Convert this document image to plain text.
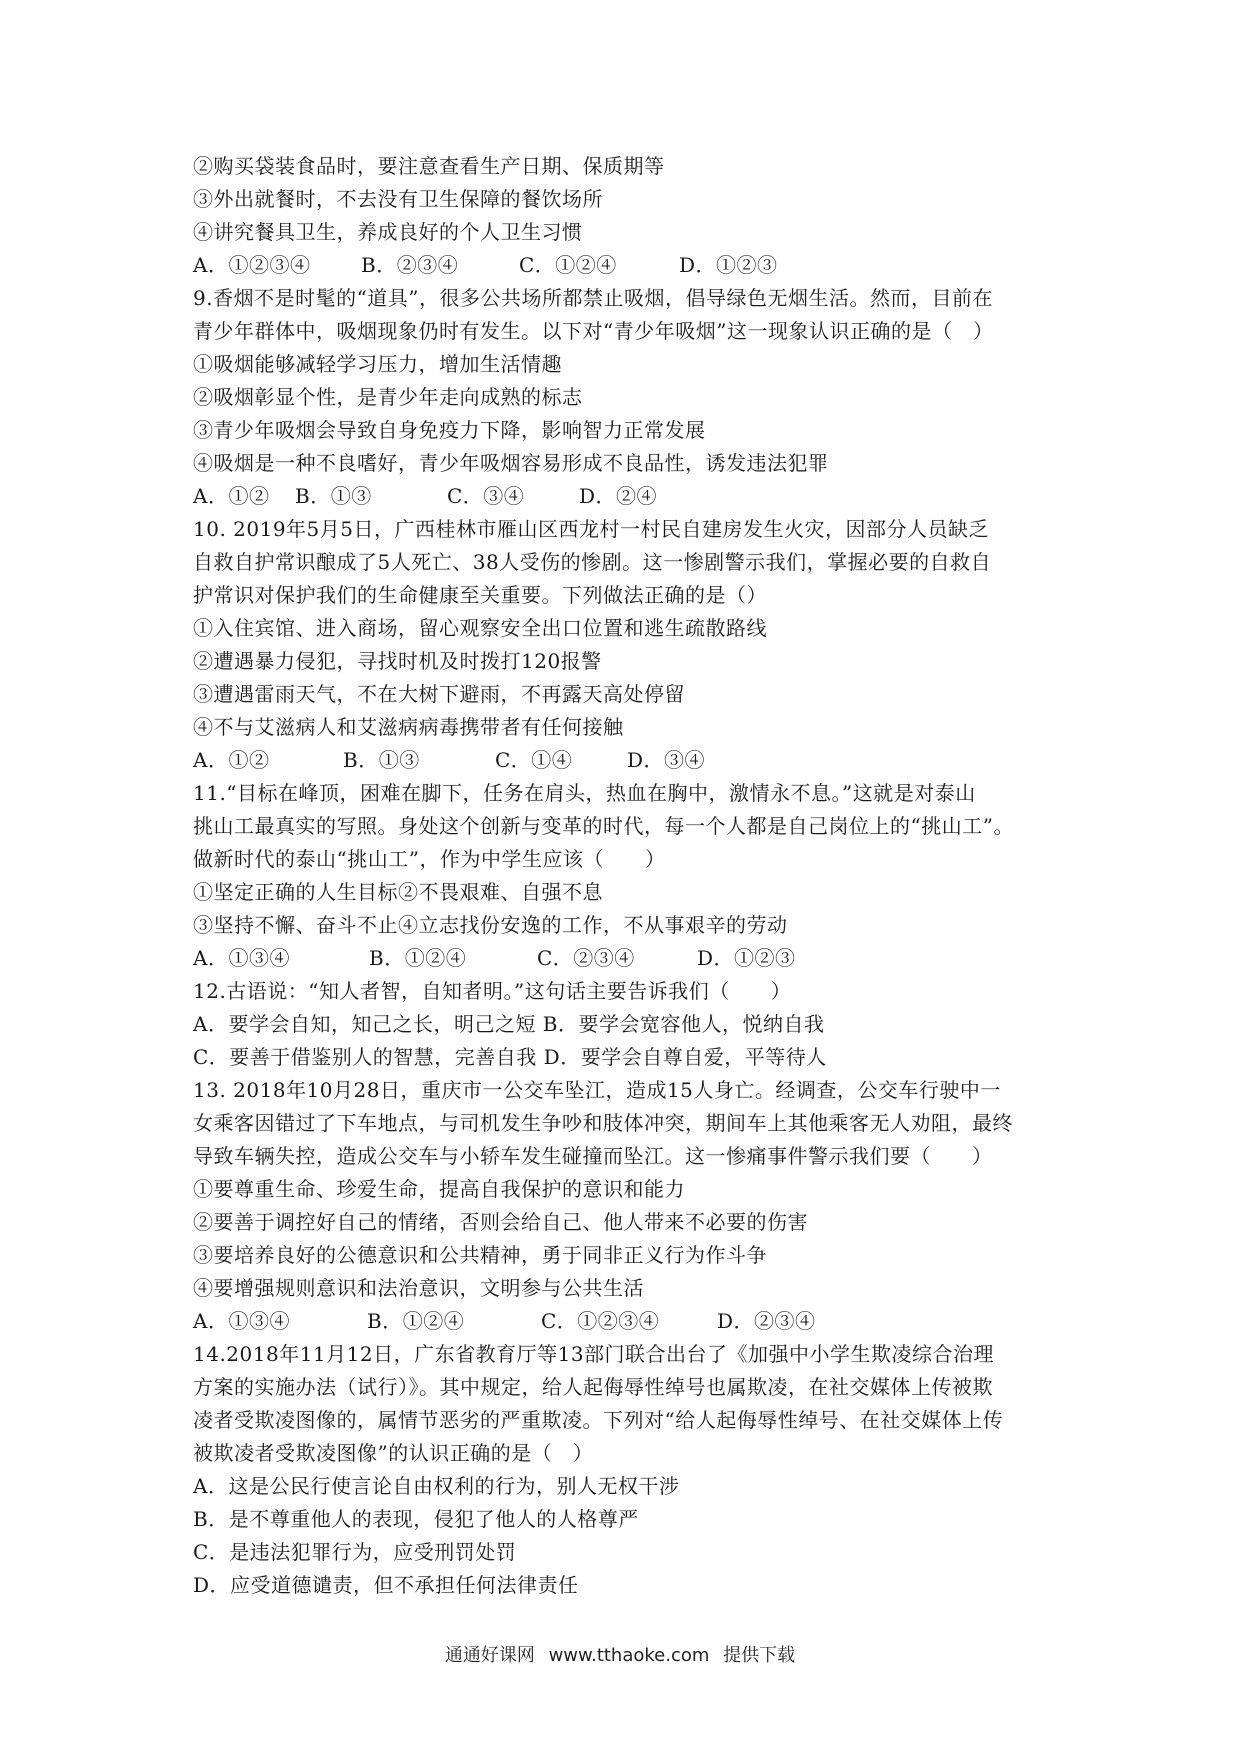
②购买袋装食品时，要注意查看生产日期、保质期等
③外出就餐时，不去没有卫生保障的餐饮场所
④讲究餐具卫生，养成良好的个人卫生习惯
A．①②③④	B．②③④	C．①②④	D．①②③
9.香烟不是时髦的“道具”，很多公共场所都禁止吸烟，倡导绿色无烟生活。然而，目前在
青少年群体中，吸烟现象仍时有发生。以下对“青少年吸烟”这一现象认识正确的是（　）
①吸烟能够减轻学习压力，增加生活情趣
②吸烟彰显个性，是青少年走向成熟的标志
③青少年吸烟会导致自身免疫力下降，影响智力正常发展
④吸烟是一种不良嗜好，青少年吸烟容易形成不良品性，诱发违法犯罪
A．①②	B．①③	C．③④	D．②④
10. 2019年5月5日，广西桂林市雁山区西龙村一村民自建房发生火灾，因部分人员缺乏
自救自护常识酿成了5人死亡、38人受伤的惨剧。这一惨剧警示我们，掌握必要的自救自
护常识对保护我们的生命健康至关重要。下列做法正确的是（）
①入住宾馆、进入商场，留心观察安全出口位置和逃生疏散路线
②遭遇暴力侵犯，寻找时机及时拨打120报警
③遭遇雷雨天气，不在大树下避雨，不再露天高处停留
④不与艾滋病人和艾滋病病毒携带者有任何接触
A．①②	B．①③	C．①④	D．③④
11.“目标在峰顶，困难在脚下，任务在肩头，热血在胸中，激情永不息。”这就是对泰山
挑山工最真实的写照。身处这个创新与变革的时代，每一个人都是自己岗位上的“挑山工”。
做新时代的泰山“挑山工”，作为中学生应该（　　）
①坚定正确的人生目标②不畏艰难、自强不息
③坚持不懈、奋斗不止④立志找份安逸的工作，不从事艰辛的劳动
A．①③④	B．①②④	C．②③④	D．①②③
12.古语说：“知人者智，自知者明。”这句话主要告诉我们（　　）
A．要学会自知，知己之长，明己之短 B．要学会宽容他人，悦纳自我
C．要善于借鉴别人的智慧，完善自我 D．要学会自尊自爱，平等待人
13. 2018年10月28日，重庆市一公交车坠江，造成15人身亡。经调查，公交车行驶中一
女乘客因错过了下车地点，与司机发生争吵和肢体冲突，期间车上其他乘客无人劝阻，最终
导致车辆失控，造成公交车与小轿车发生碰撞而坠江。这一惨痛事件警示我们要（　　）
①要尊重生命、珍爱生命，提高自我保护的意识和能力
②要善于调控好自己的情绪，否则会给自己、他人带来不必要的伤害
③要培养良好的公德意识和公共精神，勇于同非正义行为作斗争
④要增强规则意识和法治意识，文明参与公共生活
A．①③④	B．①②④	C．①②③④	D．②③④
14.2018年11月12日，广东省教育厅等13部门联合出台了《加强中小学生欺凌综合治理
方案的实施办法（试行）》。其中规定，给人起侮辱性绰号也属欺凌，在社交媒体上传被欺
凌者受欺凌图像的，属情节恶劣的严重欺凌。下列对“给人起侮辱性绰号、在社交媒体上传
被欺凌者受欺凌图像”的认识正确的是（　）
A．这是公民行使言论自由权利的行为，别人无权干涉
B．是不尊重他人的表现，侵犯了他人的人格尊严
C．是违法犯罪行为，应受刑罚处罚
D．应受道德谴责，但不承担任何法律责任
通通好课网 www.tthaoke.com 提供下载
